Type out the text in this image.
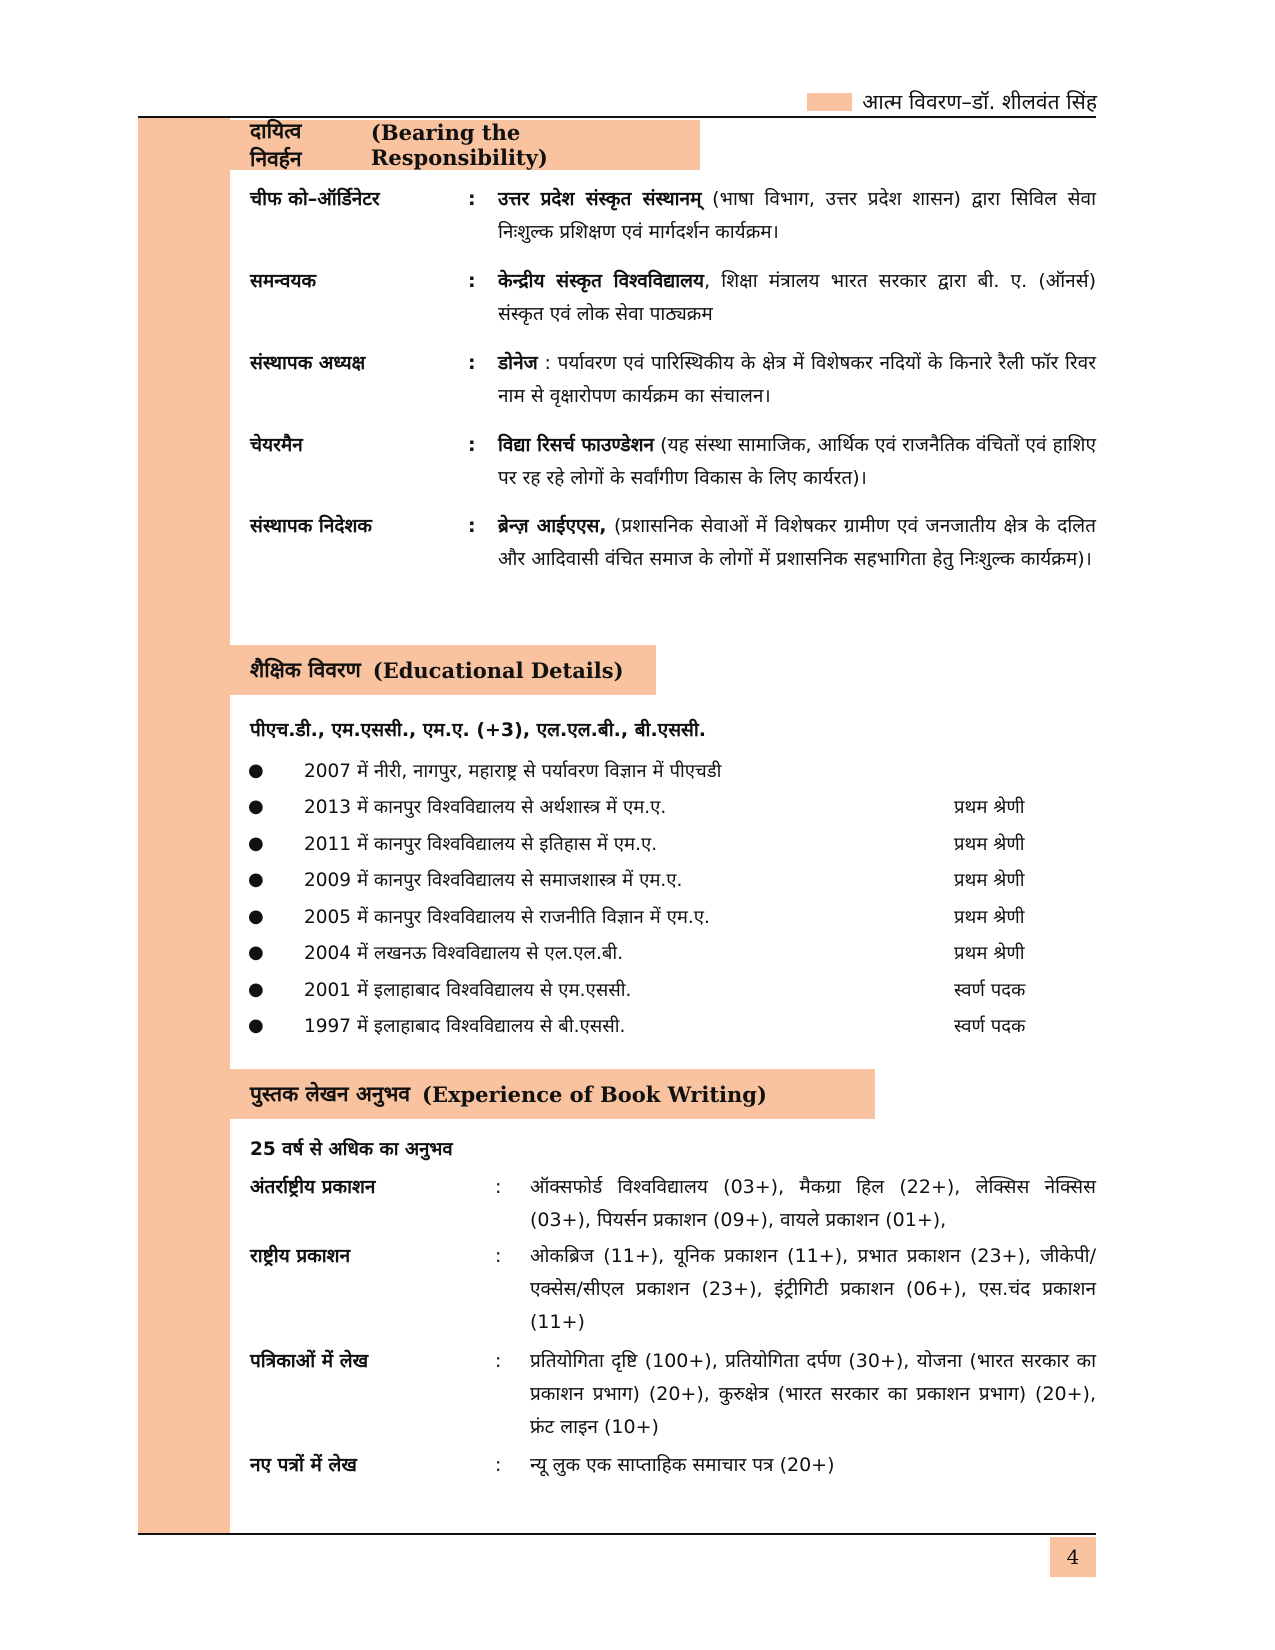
आत्म विवरण–डॉ. शीलवंत सिंह
दायित्व निवर्हन
(Bearing the Responsibility)
चीफ को–ऑर्डिनेटर	:	उत्तर प्रदेश संस्कृत संस्थानम् (भाषा विभाग, उत्तर प्रदेश शासन) द्वारा सिविल सेवा निःशुल्क प्रशिक्षण एवं मार्गदर्शन कार्यक्रम।
समन्वयक	:	केन्द्रीय संस्कृत विश्वविद्यालय, शिक्षा मंत्रालय भारत सरकार द्वारा बी. ए. (ऑनर्स) संस्कृत एवं लोक सेवा पाठ्यक्रम
संस्थापक अध्यक्ष	:	डोनेज : पर्यावरण एवं पारिस्थिकीय के क्षेत्र में विशेषकर नदियों के किनारे रैली फॉर रिवर नाम से वृक्षारोपण कार्यक्रम का संचालन।
चेयरमैन	:	विद्या रिसर्च फाउण्डेशन (यह संस्था सामाजिक, आर्थिक एवं राजनैतिक वंचितों एवं हाशिए पर रह रहे लोगों के सर्वांगीण विकास के लिए कार्यरत)।
संस्थापक निदेशक	:	ब्रेन्ज़ आईएएस, (प्रशासनिक सेवाओं में विशेषकर ग्रामीण एवं जनजातीय क्षेत्र के दलित और आदिवासी वंचित समाज के लोगों में प्रशासनिक सहभागिता हेतु निःशुल्क कार्यक्रम)।
शैक्षिक विवरण (Educational Details)
पीएच.डी., एम.एससी., एम.ए. (+3), एल.एल.बी., बी.एससी.
●	2007 में नीरी, नागपुर, महाराष्ट्र से पर्यावरण विज्ञान में पीएचडी
●	2013 में कानपुर विश्वविद्यालय से अर्थशास्त्र में एम.ए.	प्रथम श्रेणी
●	2011 में कानपुर विश्वविद्यालय से इतिहास में एम.ए.	प्रथम श्रेणी
●	2009 में कानपुर विश्वविद्यालय से समाजशास्त्र में एम.ए.	प्रथम श्रेणी
●	2005 में कानपुर विश्वविद्यालय से राजनीति विज्ञान में एम.ए.	प्रथम श्रेणी
●	2004 में लखनऊ विश्वविद्यालय से एल.एल.बी.	प्रथम श्रेणी
●	2001 में इलाहाबाद विश्वविद्यालय से एम.एससी.	स्वर्ण पदक
●	1997 में इलाहाबाद विश्वविद्यालय से बी.एससी.	स्वर्ण पदक
पुस्तक लेखन अनुभव (Experience of Book Writing)
25 वर्ष से अधिक का अनुभव
अंतर्राष्ट्रीय प्रकाशन	:	ऑक्सफोर्ड विश्वविद्यालय (03+), मैकग्रा हिल (22+), लेक्सिस नेक्सिस (03+), पियर्सन प्रकाशन (09+), वायले प्रकाशन (01+),
राष्ट्रीय प्रकाशन	:	ओकब्रिज (11+), यूनिक प्रकाशन (11+), प्रभात प्रकाशन (23+), जीकेपी/एक्सेस/सीएल प्रकाशन (23+), इंट्रीगिटी प्रकाशन (06+), एस.चंद प्रकाशन (11+)
पत्रिकाओं में लेख	:	प्रतियोगिता दृष्टि (100+), प्रतियोगिता दर्पण (30+), योजना (भारत सरकार का प्रकाशन प्रभाग) (20+), कुरुक्षेत्र (भारत सरकार का प्रकाशन प्रभाग) (20+), फ्रंट लाइन (10+)
नए पत्रों में लेख	:	न्यू लुक एक साप्ताहिक समाचार पत्र (20+)
4
